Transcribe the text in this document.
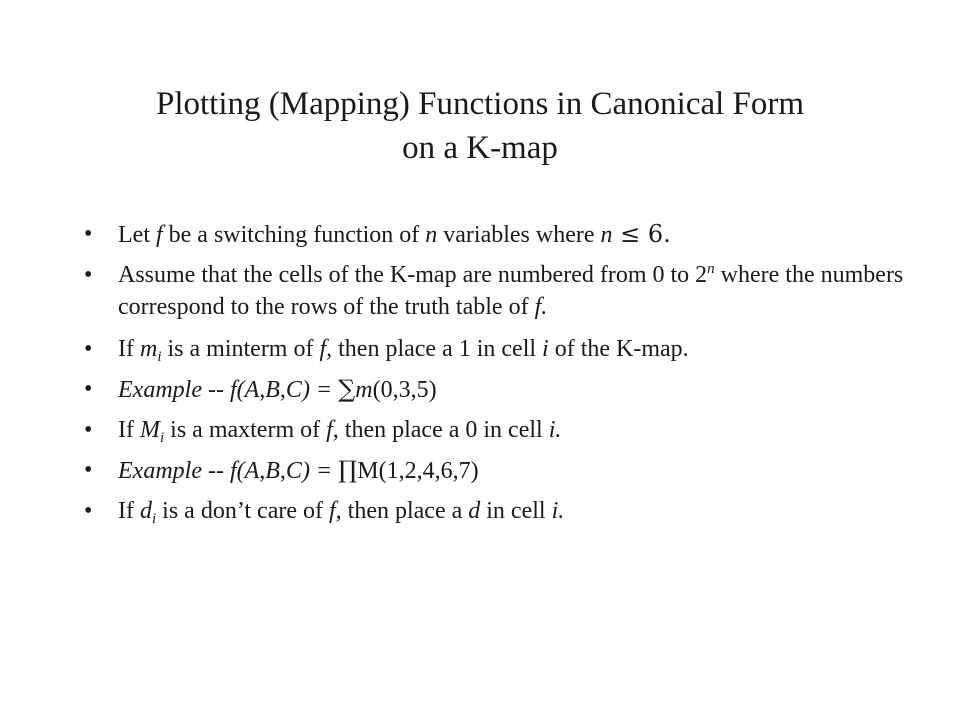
Plotting (Mapping) Functions in Canonical Form
on a K-map
• Let f be a switching function of n variables where n ≤ 6.
• Assume that the cells of the K-map are numbered from 0 to 2$^n$ where the numbers correspond to the rows of the truth table of f.
• If $m_i$ is a minterm of f, then place a 1 in cell i of the K-map.
• Example -- f(A,B,C) = ∑m(0,3,5)
• If $M_i$ is a maxterm of f, then place a 0 in cell i.
• Example -- f(A,B,C) = ∏M(1,2,4,6,7)
• If $d_i$ is a don’t care of f, then place a d in cell i.
